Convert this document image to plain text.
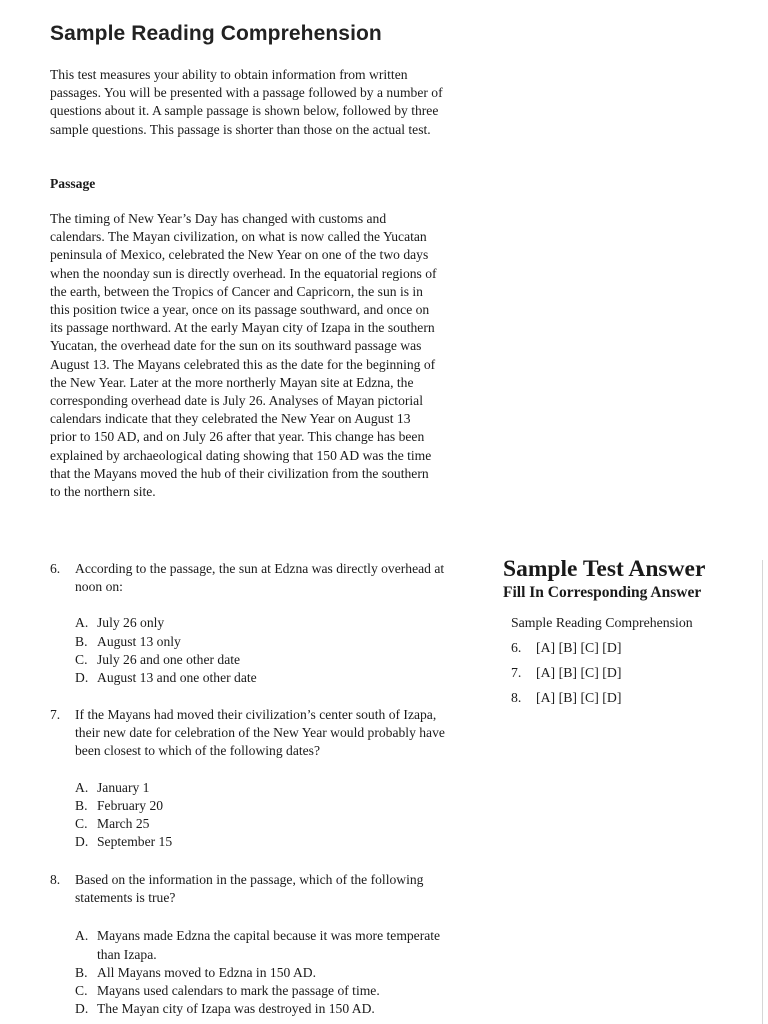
Sample Reading Comprehension
This test measures your ability to obtain information from written passages. You will be presented with a passage followed by a number of questions about it. A sample passage is shown below, followed by three sample questions. This passage is shorter than those on the actual test.
Passage
The timing of New Year’s Day has changed with customs and calendars. The Mayan civilization, on what is now called the Yucatan peninsula of Mexico, celebrated the New Year on one of the two days when the noonday sun is directly overhead. In the equatorial regions of the earth, between the Tropics of Cancer and Capricorn, the sun is in this position twice a year, once on its passage southward, and once on its passage northward. At the early Mayan city of Izapa in the southern Yucatan, the overhead date for the sun on its southward passage was August 13. The Mayans celebrated this as the date for the beginning of the New Year. Later at the more northerly Mayan site at Edzna, the corresponding overhead date is July 26. Analyses of Mayan pictorial calendars indicate that they celebrated the New Year on August 13 prior to 150 AD, and on July 26 after that year. This change has been explained by archaeological dating showing that 150 AD was the time that the Mayans moved the hub of their civilization from the southern to the northern site.
6.	According to the passage, the sun at Edzna was directly overhead at noon on:
A. July 26 only
B. August 13 only
C. July 26 and one other date
D. August 13 and one other date
7.	If the Mayans had moved their civilization’s center south of Izapa, their new date for celebration of the New Year would probably have been closest to which of the following dates?
A. January 1
B. February 20
C. March 25
D. September 15
8.	Based on the information in the passage, which of the following statements is true?
A. Mayans made Edzna the capital because it was more temperate than Izapa.
B. All Mayans moved to Edzna in 150 AD.
C. Mayans used calendars to mark the passage of time.
D. The Mayan city of Izapa was destroyed in 150 AD.
Sample Test Answer
Fill In Corresponding Answer
Sample Reading Comprehension
6.	[A] [B] [C] [D]
7.	[A] [B] [C] [D]
8.	[A] [B] [C] [D]
